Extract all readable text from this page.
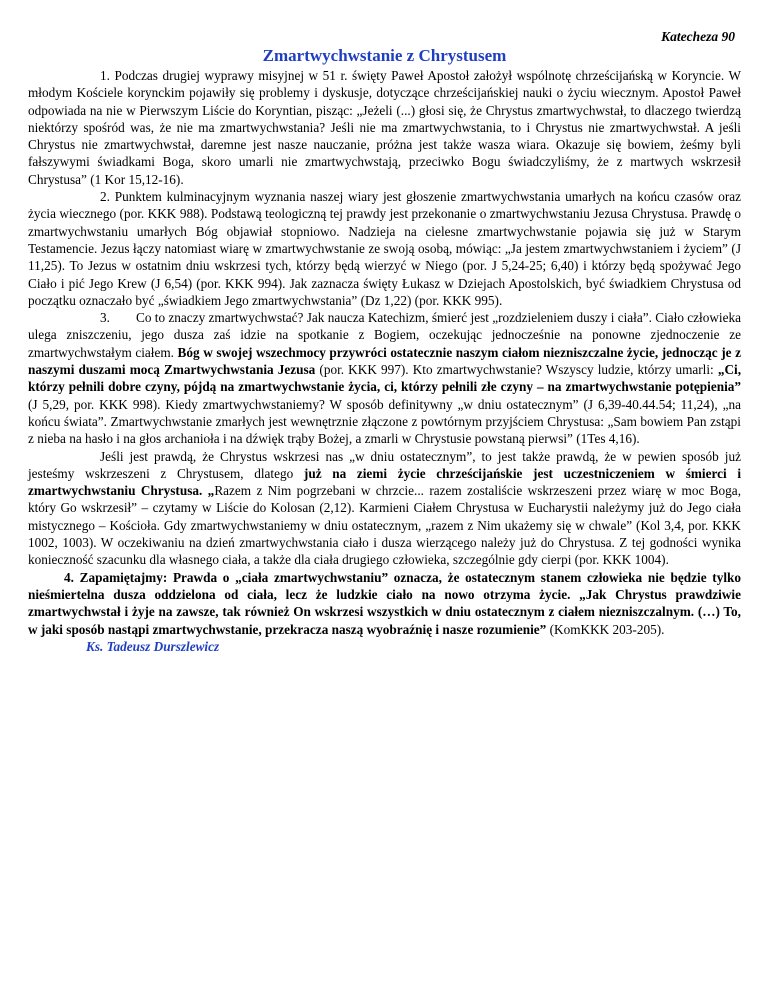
Katecheza 90
Zmartwychwstanie z Chrystusem

1. Podczas drugiej wyprawy misyjnej w 51 r. święty Paweł Apostoł założył wspólnotę chrześcijańską w Koryncie. W młodym Kościele korynckim pojawiły się problemy i dyskusje, dotyczące chrześcijańskiej nauki o życiu wiecznym. Apostoł Paweł odpowiada na nie w Pierwszym Liście do Koryntian, pisząc: „Jeżeli (...) głosi się, że Chrystus zmartwychwstał, to dlaczego twierdzą niektórzy spośród was, że nie ma zmartwychwstania? Jeśli nie ma zmartwychwstania, to i Chrystus nie zmartwychwstał. A jeśli Chrystus nie zmartwychwstał, daremne jest nasze nauczanie, próżna jest także wasza wiara. Okazuje się bowiem, żeśmy byli fałszywymi świadkami Boga, skoro umarli nie zmartwychwstają, przeciwko Bogu świadczyliśmy, że z martwych wskrzesił Chrystusa” (1 Kor 15,12-16).

2. Punktem kulminacyjnym wyznania naszej wiary jest głoszenie zmartwychwstania umarłych na końcu czasów oraz życia wiecznego (por. KKK 988). Podstawą teologiczną tej prawdy jest przekonanie o zmartwychwstaniu Jezusa Chrystusa. Prawdę o zmartwychwstaniu umarłych Bóg objawiał stopniowo. Nadzieja na cielesne zmartwychwstanie pojawia się już w Starym Testamencie. Jezus łączy natomiast wiarę w zmartwychwstanie ze swoją osobą, mówiąc: „Ja jestem zmartwychwstaniem i życiem” (J 11,25). To Jezus w ostatnim dniu wskrzesi tych, którzy będą wierzyć w Niego (por. J 5,24-25; 6,40) i którzy będą spożywać Jego Ciało i pić Jego Krew (J 6,54) (por. KKK 994). Jak zaznacza święty Łukasz w Dziejach Apostolskich, być świadkiem Chrystusa od początku oznaczało być „świadkiem Jego zmartwychwstania” (Dz 1,22) (por. KKK 995).

3. Co to znaczy zmartwychwstać? Jak naucza Katechizm, śmierć jest „rozdzieleniem duszy i ciała”. Ciało człowieka ulega zniszczeniu, jego dusza zaś idzie na spotkanie z Bogiem, oczekując jednocześnie na ponowne zjednoczenie ze zmartwychwstałym ciałem. Bóg w swojej wszechmocy przywróci ostatecznie naszym ciałom niezniszczalne życie, jednocząc je z naszymi duszami mocą Zmartwychwstania Jezusa (por. KKK 997). Kto zmartwychwstanie? Wszyscy ludzie, którzy umarli: „Ci, którzy pełnili dobre czyny, pójdą na zmartwychwstanie życia, ci, którzy pełnili złe czyny – na zmartwychwstanie potępienia” (J 5,29, por. KKK 998). Kiedy zmartwychwstaniemy? W sposób definitywny „w dniu ostatecznym” (J 6,39-40.44.54; 11,24), „na końcu świata”. Zmartwychwstanie zmarłych jest wewnętrznie złączone z powtórnym przyjściem Chrystusa: „Sam bowiem Pan zstąpi z nieba na hasło i na głos archanioła i na dźwięk trąby Bożej, a zmarli w Chrystusie powstaną pierwsi” (1Tes 4,16).

Jeśli jest prawdą, że Chrystus wskrzesi nas „w dniu ostatecznym”, to jest także prawdą, że w pewien sposób już jesteśmy wskrzeszeni z Chrystusem, dlatego już na ziemi życie chrześcijańskie jest uczestniczeniem w śmierci i zmartwychwstaniu Chrystusa. „Razem z Nim pogrzebani w chrzcie... razem zostaliście wskrzeszeni przez wiarę w moc Boga, który Go wskrzesił” – czytamy w Liście do Kolosan (2,12). Karmieni Ciałem Chrystusa w Eucharystii należymy już do Jego ciała mistycznego – Kościoła. Gdy zmartwychwstaniemy w dniu ostatecznym, „razem z Nim ukażemy się w chwale” (Kol 3,4, por. KKK 1002, 1003). W oczekiwaniu na dzień zmartwychwstania ciało i dusza wierzącego należy już do Chrystusa. Z tej godności wynika konieczność szacunku dla własnego ciała, a także dla ciała drugiego człowieka, szczególnie gdy cierpi (por. KKK 1004).

4. Zapamiętajmy: Prawda o „ciała zmartwychwstaniu” oznacza, że ostatecznym stanem człowieka nie będzie tylko nieśmiertelna dusza oddzielona od ciała, lecz że ludzkie ciało na nowo otrzyma życie. „Jak Chrystus prawdziwie zmartwychwstał i żyje na zawsze, tak również On wskrzesi wszystkich w dniu ostatecznym z ciałem niezniszczalnym. (…) To, w jaki sposób nastąpi zmartwychwstanie, przekracza naszą wyobraźnię i nasze rozumienie” (KomKKK 203-205).

Ks. Tadeusz Durszlewicz
